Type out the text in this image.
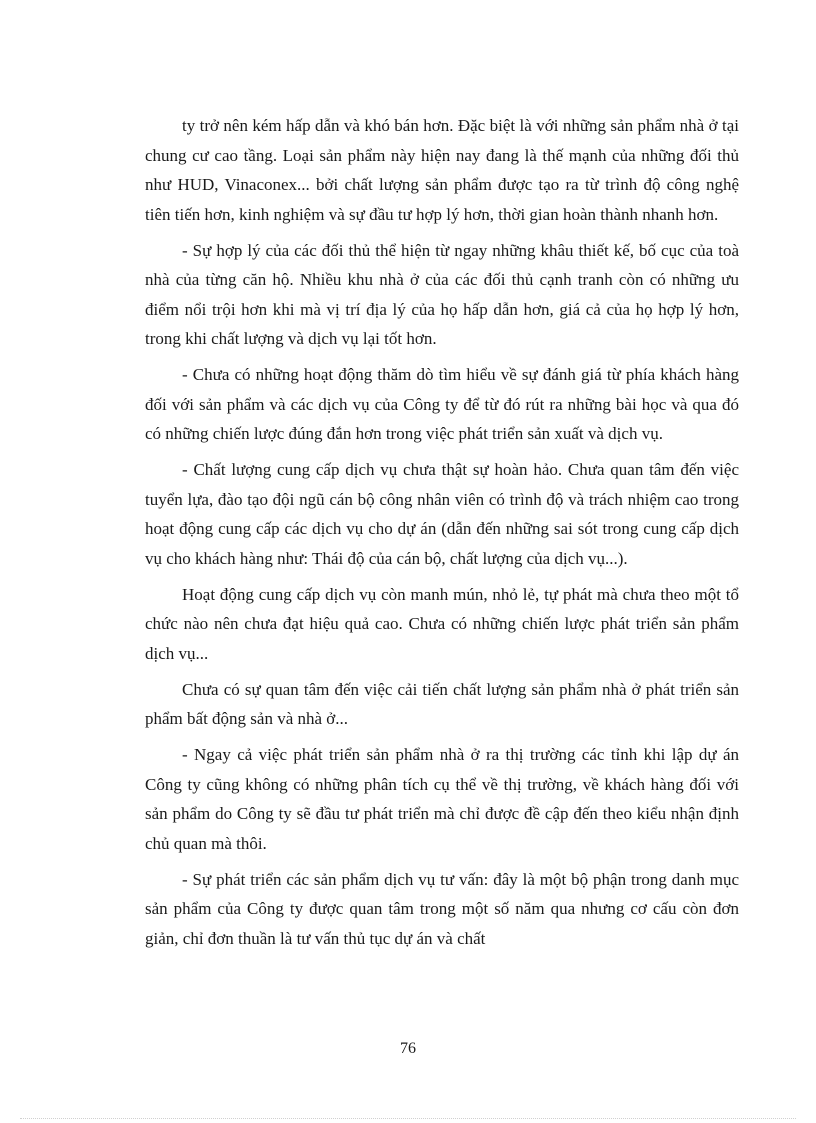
ty trở nên kém hấp dẫn và khó bán hơn. Đặc biệt là với những sản phẩm nhà ở tại chung cư cao tầng. Loại sản phẩm này hiện nay đang là thế mạnh của những đối thủ như HUD, Vinaconex... bởi chất lượng sản phẩm được tạo ra từ trình độ công nghệ tiên tiến hơn, kinh nghiệm và sự đầu tư hợp lý hơn, thời gian hoàn thành nhanh hơn.

- Sự hợp lý của các đối thủ thể hiện từ ngay những khâu thiết kế, bố cục của toà nhà của từng căn hộ. Nhiều khu nhà ở của các đối thủ cạnh tranh còn có những ưu điểm nổi trội hơn khi mà vị trí địa lý của họ hấp dẫn hơn, giá cả của họ hợp lý hơn, trong khi chất lượng và dịch vụ lại tốt hơn.

- Chưa có những hoạt động thăm dò tìm hiểu về sự đánh giá từ phía khách hàng đối với sản phẩm và các dịch vụ của Công ty để từ đó rút ra những bài học và qua đó có những chiến lược đúng đắn hơn trong việc phát triển sản xuất và dịch vụ.

- Chất lượng cung cấp dịch vụ chưa thật sự hoàn hảo. Chưa quan tâm đến việc tuyển lựa, đào tạo đội ngũ cán bộ công nhân viên có trình độ và trách nhiệm cao trong hoạt động cung cấp các dịch vụ cho dự án (dẫn đến những sai sót trong cung cấp dịch vụ cho khách hàng như: Thái độ của cán bộ, chất lượng của dịch vụ...).

Hoạt động cung cấp dịch vụ còn manh mún, nhỏ lẻ, tự phát mà chưa theo một tổ chức nào nên chưa đạt hiệu quả cao. Chưa có những chiến lược phát triển sản phẩm dịch vụ...

Chưa có sự quan tâm đến việc cải tiến chất lượng sản phẩm nhà ở phát triển sản phẩm bất động sản và nhà ở...

- Ngay cả việc phát triển sản phẩm nhà ở ra thị trường các tỉnh khi lập dự án Công ty cũng không có những phân tích cụ thể về thị trường, về khách hàng đối với sản phẩm do Công ty sẽ đầu tư phát triển mà chỉ được đề cập đến theo kiểu nhận định chủ quan mà thôi.

- Sự phát triển các sản phẩm dịch vụ tư vấn: đây là một bộ phận trong danh mục sản phẩm của Công ty được quan tâm trong một số năm qua nhưng cơ cấu còn đơn giản, chỉ đơn thuần là tư vấn thủ tục dự án và chất

76
